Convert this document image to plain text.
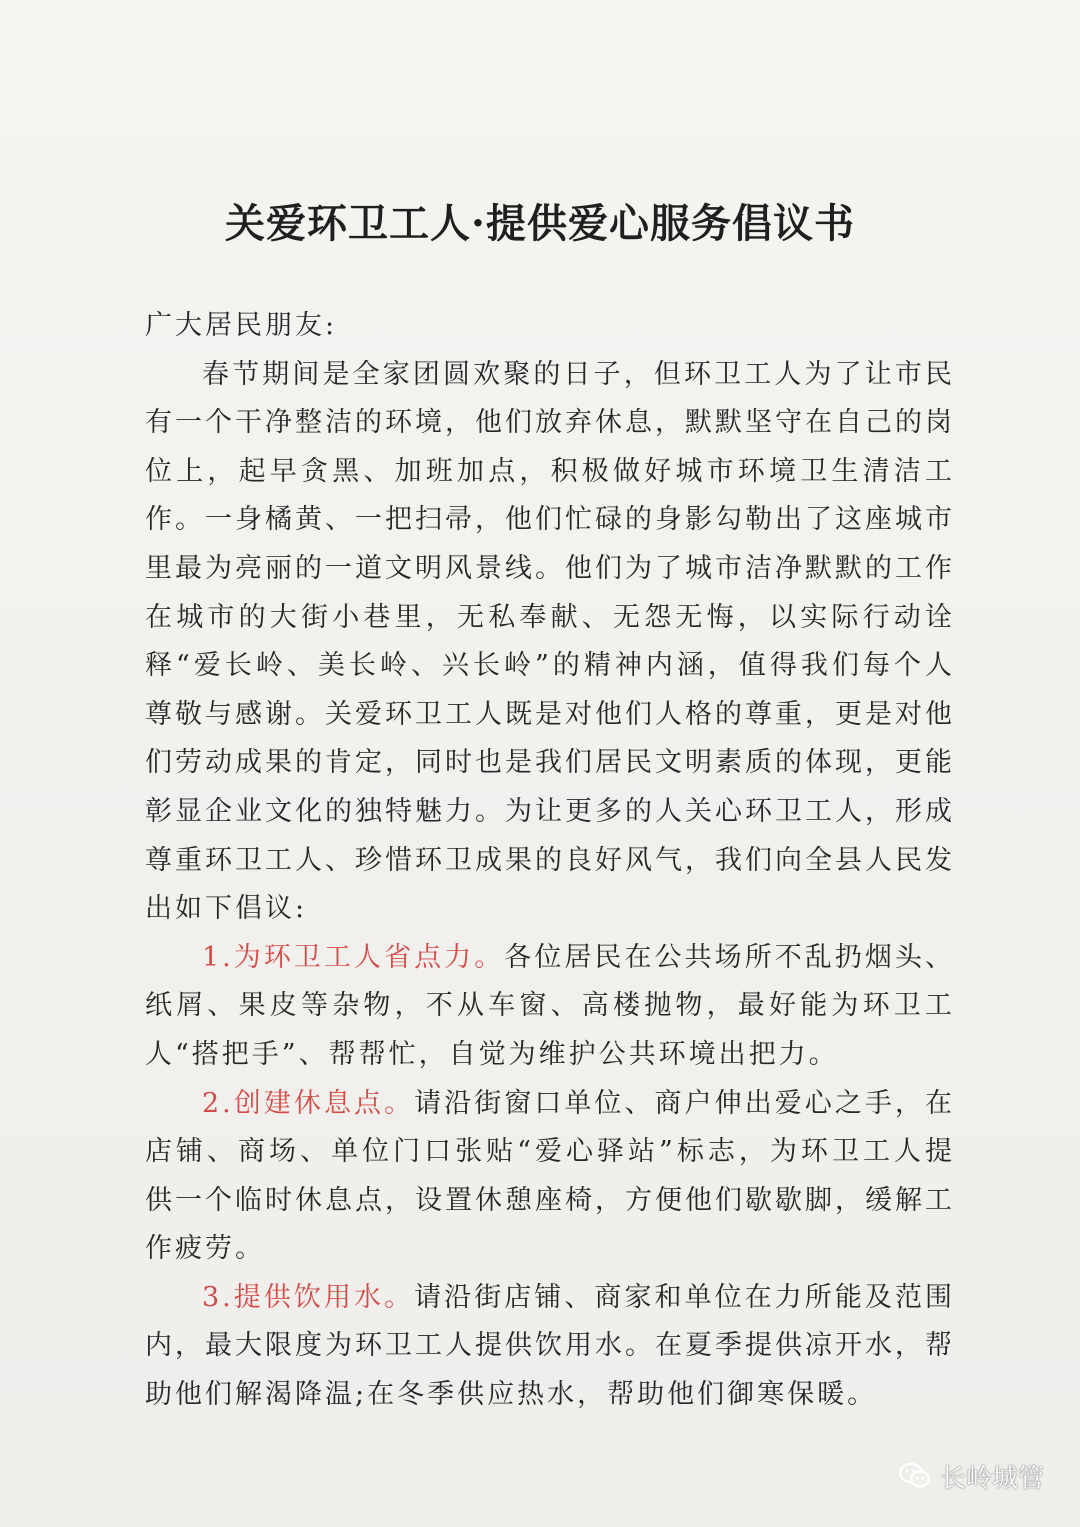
关爱环卫工人·提供爱心服务倡议书

广大居民朋友:

春节期间是全家团圆欢聚的日子，但环卫工人为了让市民有一个干净整洁的环境，他们放弃休息，默默坚守在自己的岗位上，起早贪黑、加班加点，积极做好城市环境卫生清洁工作。一身橘黄、一把扫帚，他们忙碌的身影勾勒出了这座城市里最为亮丽的一道文明风景线。他们为了城市洁净默默的工作在城市的大街小巷里，无私奉献、无怨无悔，以实际行动诠释“爱长岭、美长岭、兴长岭”的精神内涵，值得我们每个人尊敬与感谢。关爱环卫工人既是对他们人格的尊重，更是对他们劳动成果的肯定，同时也是我们居民文明素质的体现，更能彰显企业文化的独特魅力。为让更多的人关心环卫工人，形成尊重环卫工人、珍惜环卫成果的良好风气，我们向全县人民发出如下倡议:

1.为环卫工人省点力。各位居民在公共场所不乱扔烟头、纸屑、果皮等杂物，不从车窗、高楼抛物，最好能为环卫工人“搭把手”、帮帮忙，自觉为维护公共环境出把力。

2.创建休息点。请沿街窗口单位、商户伸出爱心之手，在店铺、商场、单位门口张贴“爱心驿站”标志，为环卫工人提供一个临时休息点，设置休憩座椅，方便他们歇歇脚，缓解工作疲劳。

3.提供饮用水。请沿街店铺、商家和单位在力所能及范围内，最大限度为环卫工人提供饮用水。在夏季提供凉开水，帮助他们解渴降温;在冬季供应热水，帮助他们御寒保暖。

长岭城管
